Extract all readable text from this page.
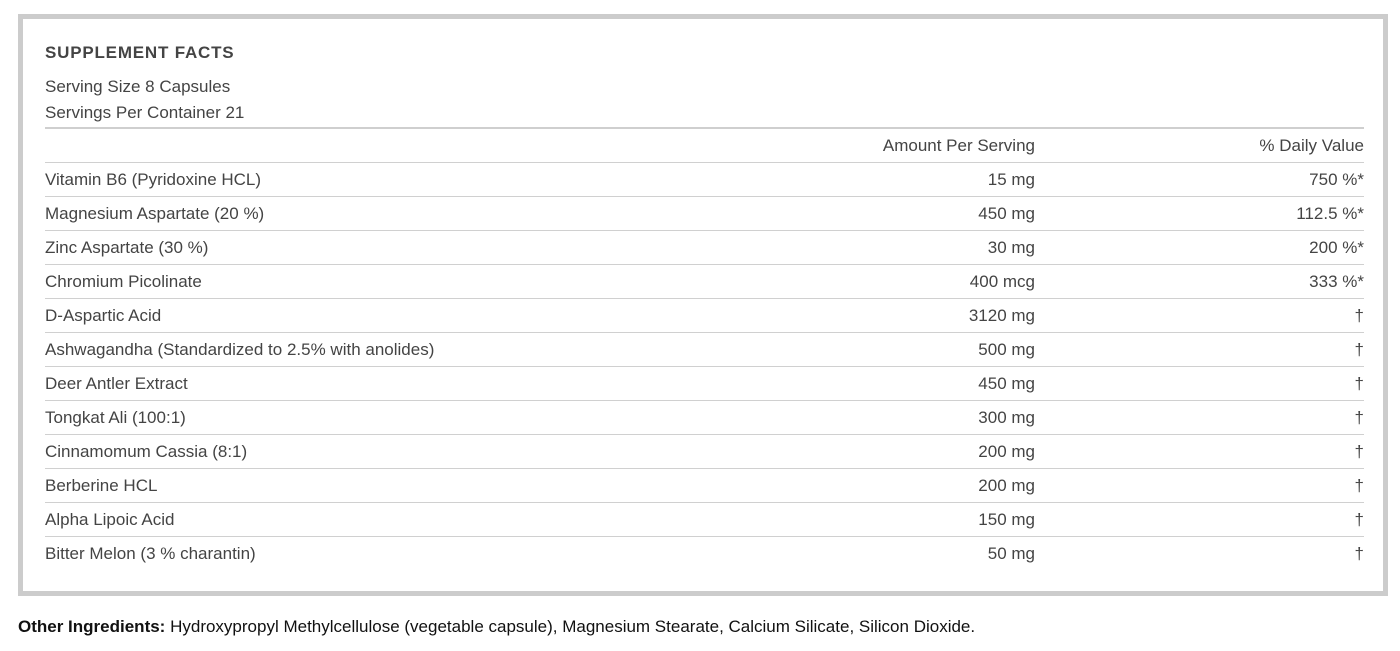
SUPPLEMENT FACTS
Serving Size 8 Capsules
Servings Per Container 21
	Amount Per Serving	% Daily Value
Vitamin B6 (Pyridoxine HCL)	15 mg	750 %*
Magnesium Aspartate (20 %)	450 mg	112.5 %*
Zinc Aspartate (30 %)	30 mg	200 %*
Chromium Picolinate	400 mcg	333 %*
D-Aspartic Acid	3120 mg	†
Ashwagandha (Standardized to 2.5% with anolides)	500 mg	†
Deer Antler Extract	450 mg	†
Tongkat Ali (100:1)	300 mg	†
Cinnamomum Cassia (8:1)	200 mg	†
Berberine HCL	200 mg	†
Alpha Lipoic Acid	150 mg	†
Bitter Melon (3 % charantin)	50 mg	†
Other Ingredients: Hydroxypropyl Methylcellulose (vegetable capsule), Magnesium Stearate, Calcium Silicate, Silicon Dioxide.
